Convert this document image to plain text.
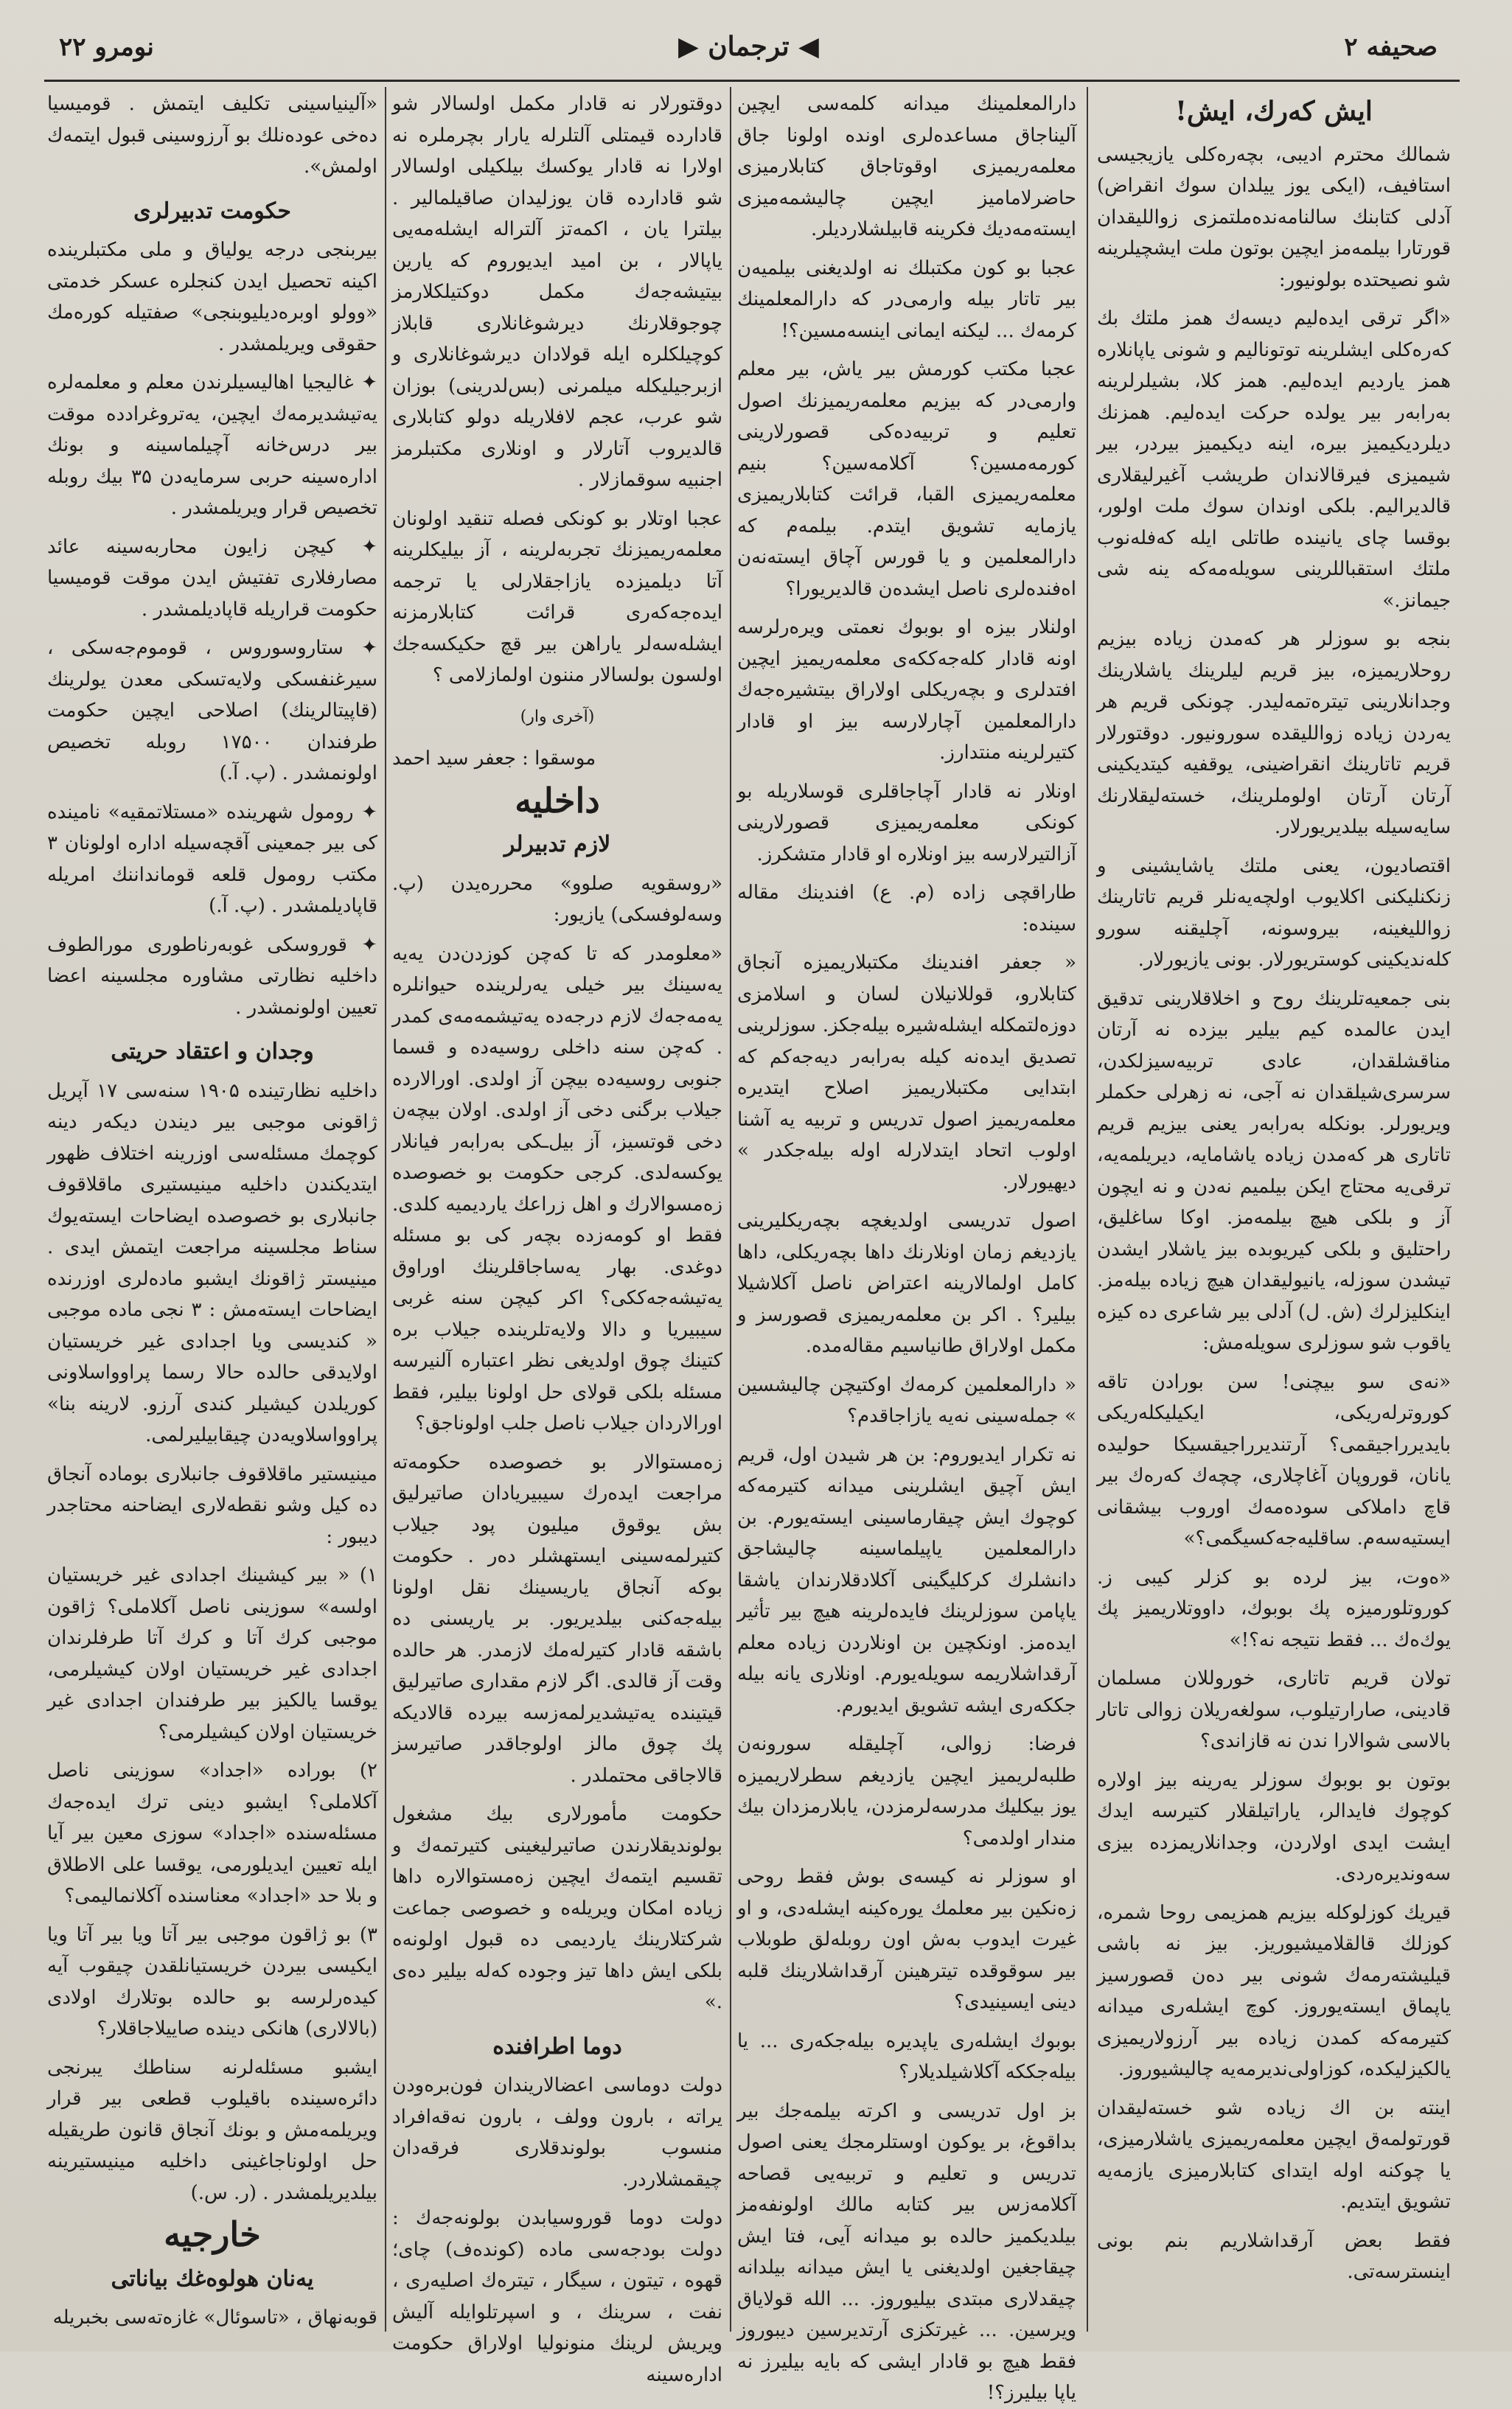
صحیفه ۲
◀ ترجمان ▶
نومرو ۲۲
ایش كه‌رك، ایش!

شمالك محترم ادیبی، بچه‌ره‌كلی یازیجیسی استافیف، (ایكی یوز ییلدان سوك انقراض) آدلی كتابنك سالنامه‌نده‌ملتمزی زواللیقدان قورتارا بیلمه‌مز ایچین بوتون ملت ایشچیلرینه شو نصیحتده بولونیور:

«اگر ترقی ایده‌لیم دیسه‌ك همز ملتك بك كه‌ره‌كلی ایشلرینه توتونالیم و شونی یاپانلاره همز یاردیم ایده‌لیم. همز كلا، بشیلرلرینه به‌رابه‌ر بیر یولده حرکت ایده‌لیم. همزنك دیلردیكیمیز بیره، اینه دیكیمیز بیردر، بیر شیمیزی فیرقالاندان طریشب آغیرلیقلاری قالدیرالیم. بلكی اوندان سوك ملت اولور، بوقسا چای یانینده طاتلی ایله كه‌فله‌نوب ملتك استقباللرینی سویله‌مه‌كه ینه شی جیمانز.»

بنجه بو سوزلر هر كه‌مدن زیاده بیزیم روحلاریمیزه، بیز قریم لیلرینك یاشلارینك وجدانلارینی تیتره‌تمه‌لیدر. چونكی قریم هر یه‌ردن زیاده زواللیقده سورونیور. دوقتورلار قریم تاتارینك انقراضینی، یوقفیه كیتدیكینی آرتان آرتان اولوملرینك، خسته‌لیقلارنك سایه‌سیله بیلدیریورلار.

اقتصادیون، یعنی ملتك یاشایشینی و زنكنلیكنی اكلایوب اولچه‌یه‌نلر قریم تاتارینك زواللیغینه، بیروسونه، آچلیقنه سورو كله‌ندیكینی كوستریورلار. بونی یازیورلار.

بنی جمعیه‌تلرینك روح و اخلاقلارینی تدقیق ایدن عالمده كیم بیلیر بیزده نه آرتان مناقشلقدان، عادی تربیه‌سیزلكدن، سرسری‌شیلقدان نه آجی، نه زهرلی حكملر ویریورلر. بونكله به‌رابه‌ر یعنی بیزیم قریم تاتاری هر كه‌مدن زیاده یاشامایه، دیریلمه‌یه، ترقی‌یه محتاج ایكن بیلمیم نه‌دن و نه ایچون آز و بلكی هیچ بیلمه‌مز. اوكا ساغلیق، راحتلیق و بلكی كیریوبده بیز یاشلار ایشدن تیشدن سوزله، یانیولیقدان هیچ زیاده بیله‌مز. اینكلیزلرك (ش. ل) آدلی بیر شاعری ده كیزه یاقوب شو سوزلری سویله‌مش:

«نه‌ی سو بیچنی! سن بورادن تاقه كوروترله‌ریكی، ایكیلیكله‌ریكی بایدیرراجیقمی؟ آرتندیرراجیقسیكا حولیده یانان، قوروپان آغاچلاری، چچه‌ك كه‌ره‌ك بیر قاچ داملاكی سوده‌مه‌ك اوروب بیشقانی ایستیه‌سه‌م. ساقلیه‌جه‌كسیگمی؟»

«ه‌وت، بیز لرده بو كزلر كیبی ز. كوروتلورمیزه پك بوبوك، داووتلاریمیز پك یوك‌ه‌ك ... فقط نتیجه‌ نه؟!»

تولان قریم تاتاری، خوروللان مسلمان قادینی، صارارتیلوب، سولغه‌ریلان زوالی تاتار بالاسی شوالارا ندن نه قازاندی؟

بوتون بو بوبوك سوزلر یه‌رینه بیز اولاره كوچوك فایدالر، یاراتیلقلار كتیرسه ایدك ایشت ایدی اولاردن، وجدانلاریمزده بیزی سه‌وندیره‌ردی.

قیریك كوزلوكله بیزیم همزیمی روحا شمره، كوزلك قالقلامیشیوریز. بیز نه باشی قیلیشته‌رمه‌ك شونی بیر ده‌ن قصورسیز یاپماق ایسته‌یوروز. كوچ ایشله‌ری میدانه كتیرمه‌كه كمدن زیاده بیر آرزولاریمیزی یالكیزلیكده، كوز‌اولی‌ندیرمه‌یه چالیشیوروز.

اینته بن اك زیاده شو خسته‌لیقدان قورتولمه‌ق ایچین معلمه‌ریمیزی یاشلارمیزی، یا چوكنه اوله ایتدای كتابلارمیزی یازمه‌یه تشویق ایتدیم.

فقط بعض آرقداشلاریم بنم بونی اینسترسه‌تی.

دارالمعلمینك میدانه كلمه‌سی ایچین آلیناجاق مساعده‌لری اونده اولونا جاق معلمه‌ریمیزی اوقوتاجاق كتابلارمیزی حاضرلامامیز ایچین چالیشمه‌میزی ایسته‌مه‌دیك فكرینه قابیلشلاردیلر.

عجبا بو كون مكتبلك نه اولدیغنی بیلمیه‌ن بیر تاتار بیله وارمی‌در كه دارالمعلمینك كرمه‌ك ... لیكنه ایمانی اینسه‌مسین؟!

عجبا مكتب كورمش بیر یاش، بیر معلم وارمی‌در كه بیزیم معلمه‌ریمیزنك اصول تعلیم و تربیه‌ده‌كی قصورلارینی كورمه‌مسین؟ آكلامه‌سین؟ بنیم معلمه‌ریمیزی القبا، قرائت كتابلاریمیزی یازمایه تشویق ایتدم. بیلمه‌م كه دارالمعلمین و یا قورس آچاق ایسته‌نه‌ن اه‌فنده‌لری ناصل ایشده‌ن قالدیریورا؟

اولنلار بیزه او بوبوك نعمتی ویره‌رلرسه اونه قادار كله‌جه‌ككه‌ی معلمه‌ریمیز ایچین افتدلری و بچه‌ریكلی اولاراق بیتشیره‌جه‌ك دارالمعلمین آچارلارسه بیز او قادار كتیرلرینه منتدارز.

اونلار نه قادار آچاجاقلری قوسلاریله بو كونكی معلمه‌ریمیزی قصورلارینی آزالتیرلارسه بیز اونلاره او قادار متشكرز.

طاراقچی زاده (م. ع) افندینك مقاله سینده:

« جعفر افندینك مكتبلاریمیزه آنجاق كتابلارو، قوللانیلان لسان و اسلامزی دوزه‌لتمكله ایشله‌شیره بیله‌جكز. سوزلرینی تصدیق ایده‌نه كیله به‌رابه‌ر دیه‌جه‌كم كه ابتدایی مكتبلاریمیز اصلاح ایتدیره معلمه‌ریمیز اصول تدریس و تربیه‌ یه آشنا اولوب اتحاد ایتدلارله اوله بیله‌جكدر » دیهیورلار.

اصول تدریسی اولدیغچه بچه‌ریكلیرینی یازدیغم زمان اونلارنك داها بچه‌ریكلی، داها كامل اولمالارینه اعتراض ناصل آكلاشیلا بیلیر؟ . اكر بن معلمه‌ریمیزی قصورسز و مكمل اولاراق طانیاسیم مقاله‌مده.

« دارالمعلمین كرمه‌ك اوكتیچن چالیشسین » جمله‌سینی نه‌یه یازاجاقدم؟

نه تكرار ایدیوروم: بن هر شیدن اول، قریم ایش آچیق ایشلرینی میدانه كتیرمه‌كه كوچوك ایش چیقارماسینی ایسته‌یورم. بن دارالمعلمین یاپیلماسینه چالیشاجق دانشلرك كركلیگینی آكلادقلارندان یاشقا یاپامن سوزلرینك فایده‌لرینه هیچ بیر تأثیر ایده‌مز. اونكچین بن اونلاردن زیاده معلم آرقداشلاریمه سویله‌یورم. اونلاری یانه بیله جككه‌ری ایشه تشویق ایدیورم.

فرضا: زوالی، آچلیقله سورونه‌ن طلبه‌لریمیز ایچین یازدیغم سطرلاریمیزه یوز بیكلیك مدرسه‌لرمزدن، یابلارمزدان بیك مندار اولدمی؟

او سوزلر نه كیسه‌ی بوش فقط روحی زه‌نكین بیر معلمك یوره‌كینه ایشله‌دی، و او غیرت ایدوب به‌ش اون روبله‌لق طوبلاب بیر سوقوقده تیترهینن آرقداشلارینك قلبه دینی ایسینیدی؟

بوبوك ایشله‌ری یاپدیره بیله‌جكه‌ری ... یا بیله‌جككه آكلاشیلدیلار؟

بز اول تدریسی و اكرته بیلمه‌جك بیر بداقوغ، بر یوكون اوستلرمجك یعنی اصول تدریس و تعلیم و تربیه‌یی قصاحه آكلامه‌زس بیر كتابه مالك اولونفه‌مز بیلدیكمیز حالده بو میدانه آیی، فتا ایش چیقاجغین اولدیغنی یا ایش میدانه بیلدانه چیقدلاری مبتدی بیلیوروز. ... الله قولایاق ویرسین. ... غیرتكزی آرتدیرسین دیبوروز فقط هیچ بو قادار ایشی كه بایه بیلیرز نه یاپا بیلیرز؟!

دوقتورلار نه قادار مكمل اولسالار شو قادارده قیمتلی آلتلرله یارار بچرملره نه اولارا نه قادار یوكسك بیلكیلی اولسالار شو قادارده قان یوزلیدان صاقیلمالیر . بیلترا یان ، اكمه‌تز آلتراله ایشله‌مه‌یی یاپالار ، بن امید ایدیوروم كه یارین بیتیشه‌جه‌ك مكمل دوكتیلكلارمز چوجوقلارنك دیرشوغانلاری قابلاز كوچیلكلره ایله قولادان دیرشوغانلاری و ازبرجیلیكله میلمرنی (بس‌لدرینی) بوزان شو عرب، عجم لافلاریله دولو كتابلاری قالدیروب آتارلار و اونلاری مكتبلرمز اجنبیه سوقمازلار .

عجبا اوتلار بو كونكی فصله تنقید اولونان معلمه‌ریمیزنك تجربه‌لرینه ، آز بیلیكلرینه آتا دیلمیزده یازاجقلارلی یا ترجمه ایده‌جه‌كه‌ری قرائت كتابلارمزنه ایشله‌سه‌لر یاراهن بیر قچ حكیكسه‌جك اولسون بولسالار مننون اولمازلامی ؟

(آخری وار)

موسقوا : جعفر سید احمد

داخلیه
لازم تدبیرلر

«روسقویه صلوو» محرره‌یدن (پ. وسه‌لوفسكی) یازیور:

«معلومدر كه تا كه‌چن كوزدن‌دن یه‌یه یه‌سینك بیر خیلی یه‌رلرینده حیوانلره یه‌مه‌جه‌ك لازم درجه‌ده یه‌تیشمه‌مه‌ی كمدر . كه‌چن سنه داخلی روسیه‌ده و قسما جنوبی روسیه‌ده بیچن آز اولدی. اورالارده جیلاب برگنی دخی آز اولدی. اولان بیچه‌ن دخی قوتسیز، آز بیل‌ـكی به‌رابه‌ر فیانلار یوكسه‌لدی. كرجی حكومت بو خصوصده زه‌مسوالارك و اهل زراعك یاردیمیه كلدی. فقط او كومه‌زده بچه‌ر كی بو مسئله دوغدی. بهار یه‌ساجاقلرینك اوراوق یه‌تیشه‌جه‌ككی؟ اكر كیچن سنه غربی سیبیریا و دالا ولایه‌تلرینده جیلاب بره كتینك چوق اولدیغی نظر اعتباره آلنیرسه مسئله بلكی قولای حل اولونا بیلیر، فقط اورالاردان جیلاب ناصل جلب اولوناجق؟

زه‌مستوالار بو خصوصده حكومه‌ته مراجعت ایده‌رك سیبیریادان صاتیرلیق بش یوقوق میلیون پود جیلاب كتیرلمه‌سینی ایستهشلر ده‌ر . حكومت بوكه آنجاق یاریسینك نقل اولونا بیله‌جه‌كنی بیلدیریور. بر یاریسنی ده باشقه قادار كتیرله‌مك لازمدر. هر حالده وقت آز قالدی. اگر لازم مقداری صاتیرلیق قیتینده یه‌تیشدیرلمه‌زسه بیرده قالادیكه پك چوق مالز اولوجاقدر صاتیرسز قالاجاقی محتملدر .

حكومت مأمورلاری بیك مشغول بولوندیقلارندن صاتیرلیغینی كتیرتمه‌ك و تقسیم ایتمه‌ك ایچین زه‌مستوالاره داها زیاده امكان ویریله‌ه و خصوصی جماعت شركتلارینك یاردیمی ده قبول اولونه‌ه بلكی ایش داها تیز وجوده كه‌له بیلیر ده‌ی .»

دوما اطرافنده

دولت دوماسی اعضالاریندان فون‌بره‌ودن یراته ، بارون وولف ، بارون نه‌قه‌افراد منسوب بولوندقلاری فرقه‌دان چیقمشلاردر.

دولت دوما قوروسیابدن بولونه‌جه‌ك : دولت بودجه‌سی ماده‌ (كونده‌ف) چای؛ قهوه ، تیتون ، سیگار ، تیتره‌ك اصلیه‌ری ، نفت ، سرینك ، و اسپرتلوایله آلیش ویریش لرینك منونولیا اولاراق حكومت اداره‌سینه

«آلینیاسینی تكلیف ایتمش . قومیسیا ده‌خی عو‌ده‌نلك بو آرزوسینی قبول ایتمه‌ك اولمش».

حكومت تدبیرلری

بیربنجی درجه یولیاق و ملی مكتبلرینده اكینه تحصیل ایدن كنجلره عسكر خدمتی «وولو اوبره‌دیلیوبنجی» صفتیله كوره‌مك حقوقی ویریلمشدر .

✦ غالیجیا اهالیسیلرندن معلم و معلمه‌لره یه‌تیشدیرمه‌ك ایچین، یه‌تروغرادده موقت بیر درس‌خانه آچیلماسینه و بونك اداره‌سینه حربی سرمایه‌دن ۳۵ بیك روبله تخصیص قرار ویریلمشدر .

✦ كیچن زایون محاربه‌سینه عائد مصارفلاری تفتیش ایدن موقت قومیسیا حكومت قراریله قاپادیلمشدر .

✦ ستاروسوروس ، قوموم‌جه‌سكی ، سیرغنفسكی ولایه‌تسكی معدن یولرینك (قاپیتالرینك) اصلاحی ایچین حكومت طرفندان ۱۷۵۰۰ روبله تخصیص اولونمشدر . (پ. آ.)

✦ رومول شهرینده «مستلاتمقیه» نامینده كی بیر جمعینی آقچه‌سیله اداره اولونان ۳ مكتب رومول قلعه قومانداننك امریله قاپادیلمشدر . (پ. آ.)

✦ قوروسكی غوبه‌رناطوری مورالطوف داخلیه نظارتی مشاوره مجلسینه اعضا تعیین اولونمشدر .

وجدان و اعتقاد حریتی

داخلیه نظارتینده ۱۹۰۵ سنه‌سی ۱۷ آپریل ژاقونی موجبی بیر دیندن دیكه‌ر دینه كوچمك مسئله‌سی اوزرینه اختلاف ظهور ایتدیكندن داخلیه مینیستیری ماقلاقوف جانبلاری بو خصوصده ایضاحات ایسته‌یوك سناط مجلسینه مراجعت ایتمش ایدی . مینیستر ژاقونك ایشبو ماده‌لری اوزرنده ایضاحات ایسته‌مش : ۳ نجی ماده موجبی « كندیسی ویا اجدادی غیر خریستیان اولایدقی حالده حالا رسما پراوواسلاونی كوریلدن كیشیلر كندی آرزو. لارینه بنا» پراوواسلاویه‌دن چیقابیلیرلمی.

مینیستیر ماقلاقوف جانبلاری بوماده آنجاق ده كیل وشو نقطه‌لاری ایضاحنه محتاجدر دیبور :

۱) « بیر كیشینك اجدادی غیر خریستیان اولسه» سوزینی ناصل آكلاملی؟ ژاقون موجبی كرك آتا و كرك آتا طرفلرندان اجدادی غیر خریستیان اولان كیشیلرمی، یوقسا یالكیز بیر طرفندان اجدادی غیر خریستیان اولان كیشیلرمی؟

۲) بورا‌ده «اجداد» سوزینی ناصل آكلاملی؟ ایشبو دینی ترك ایده‌جه‌ك مسئله‌سنده «اجداد» سوزی معین بیر آیا ایله تعیین ایدیلورمی، یوقسا على الاطلاق و بلا حد «اجداد» معناسنده آكلانمالیمی؟

۳) بو ژاقون موجبی بیر آتا ویا بیر آتا ویا ایكیسی بیردن خریستیانلقدن چیقوب آیه كیده‌رلرسه بو حالده بوتلارك اولادی (بالالاری) هانكی دینده صاییلاجاقلار؟

ایشبو مسئله‌لرنه سناطك یبرنجی دائره‌سینده باقیلوب قطعی بیر قرار ویریلمه‌مش و بونك آنجاق قانون طریقیله حل اولوناجاغینی داخلیه مینیستیرینه بیلدیریلمشدر . (ر. س.)

خارجیه
یه‌نان هولوه‌غك بیاناتی

قوبه‌نهاق ، «تاسوئال» غازه‌ته‌سی بخبریله
